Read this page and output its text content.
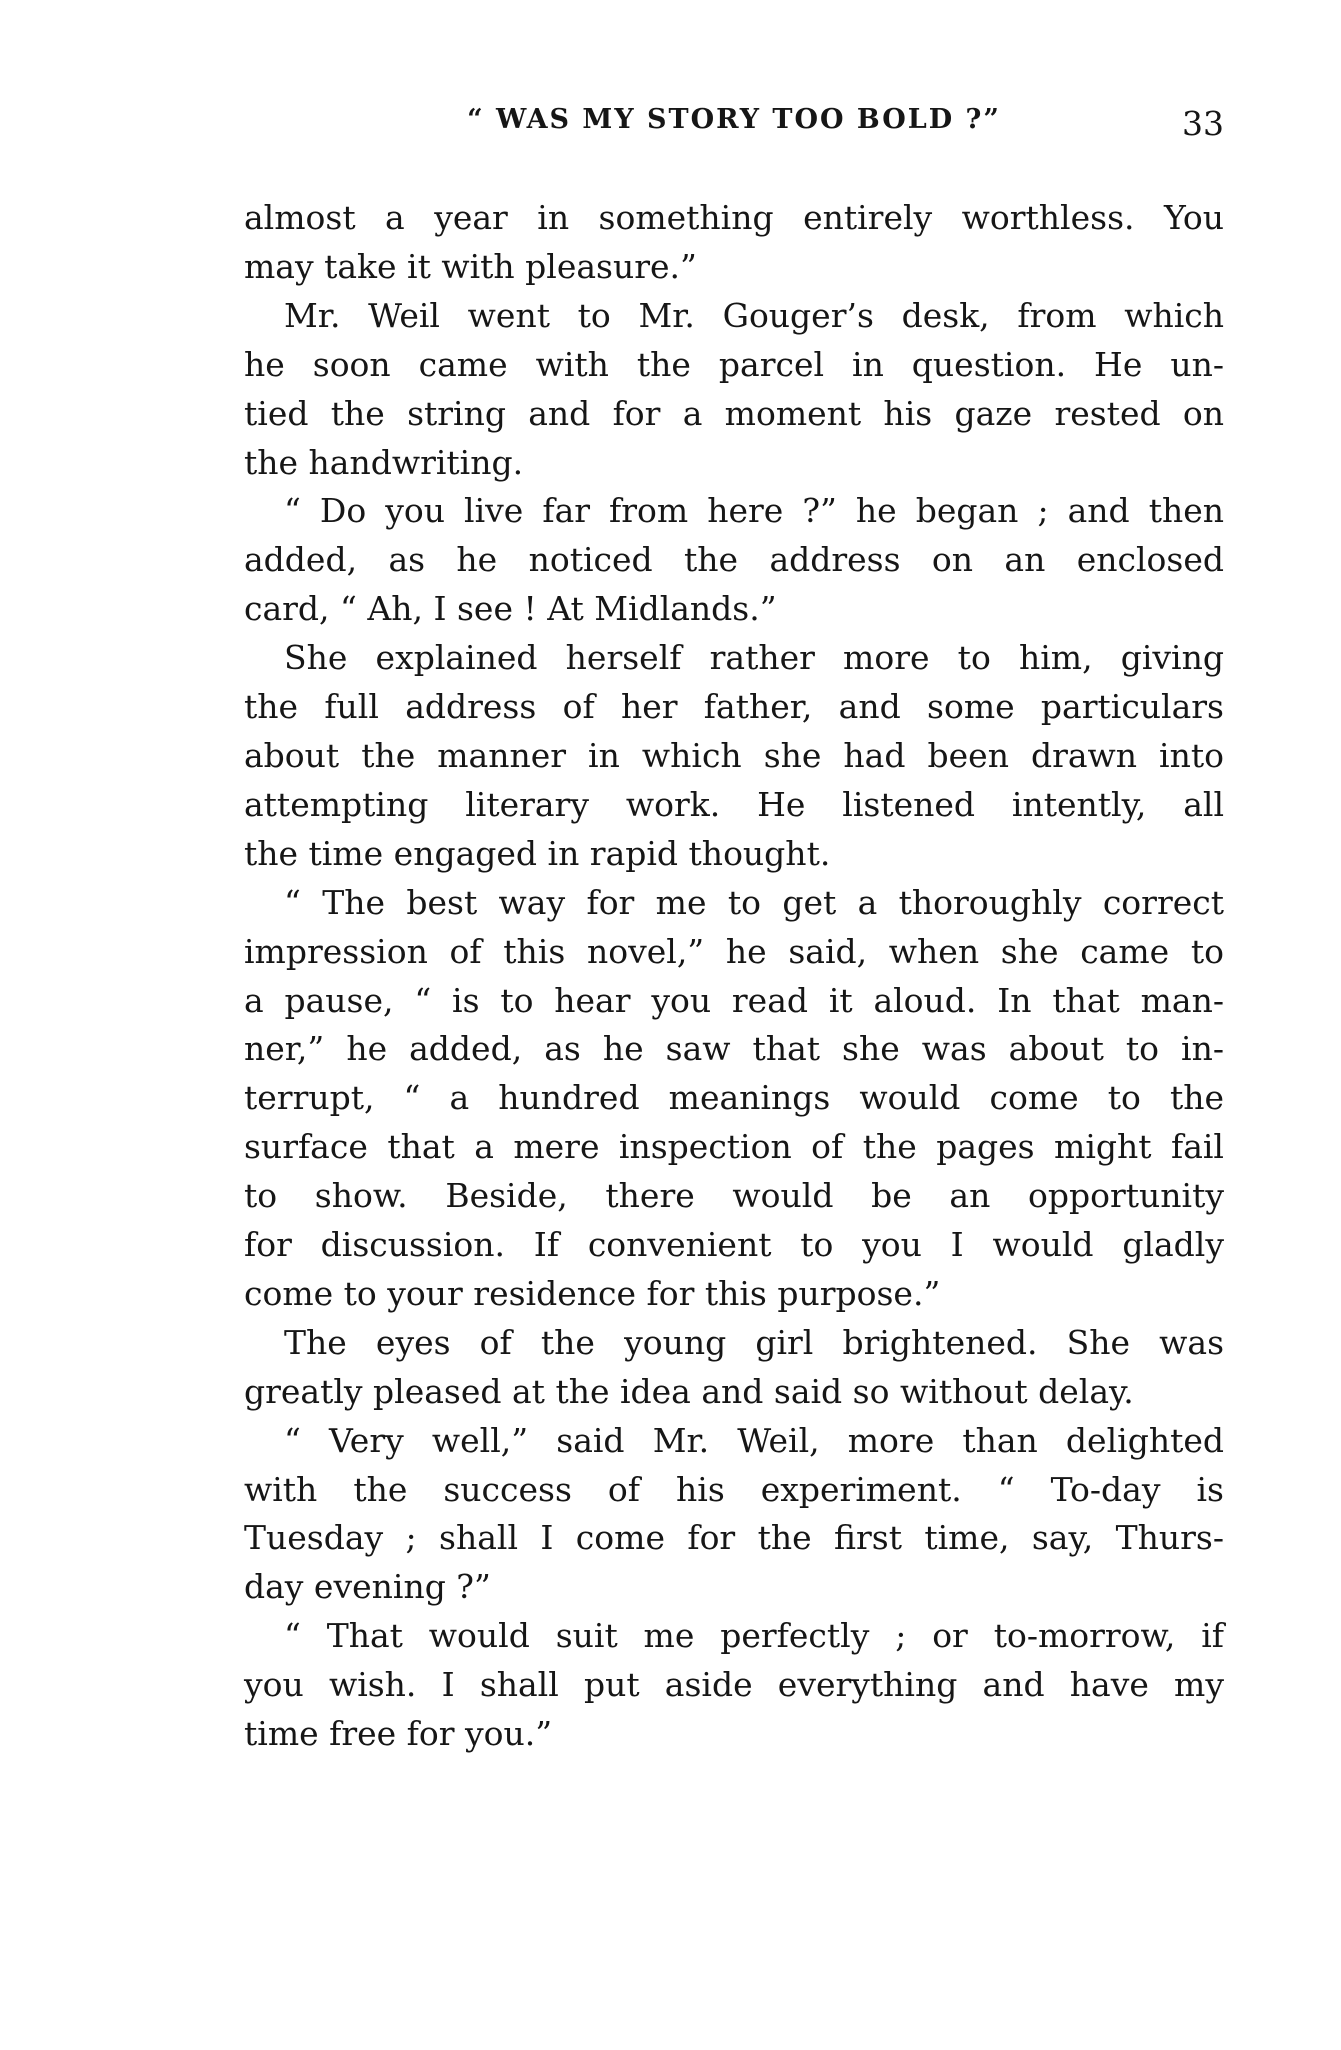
“ WAS MY STORY TOO BOLD ?”	33
almost a year in something entirely worthless. You
may take it with pleasure.”
Mr. Weil went to Mr. Gouger’s desk, from which
he soon came with the parcel in question. He un-
tied the string and for a moment his gaze rested on
the handwriting.
“ Do you live far from here ?” he began ; and then
added, as he noticed the address on an enclosed
card, “ Ah, I see ! At Midlands.”
She explained herself rather more to him, giving
the full address of her father, and some particulars
about the manner in which she had been drawn into
attempting literary work. He listened intently, all
the time engaged in rapid thought.
“ The best way for me to get a thoroughly correct
impression of this novel,” he said, when she came to
a pause, “ is to hear you read it aloud. In that man-
ner,” he added, as he saw that she was about to in-
terrupt, “ a hundred meanings would come to the
surface that a mere inspection of the pages might fail
to show. Beside, there would be an opportunity
for discussion. If convenient to you I would gladly
come to your residence for this purpose.”
The eyes of the young girl brightened. She was
greatly pleased at the idea and said so without delay.
“ Very well,” said Mr. Weil, more than delighted
with the success of his experiment. “ To-day is
Tuesday ; shall I come for the first time, say, Thurs-
day evening ?”
“ That would suit me perfectly ; or to-morrow, if
you wish. I shall put aside everything and have my
time free for you.”
